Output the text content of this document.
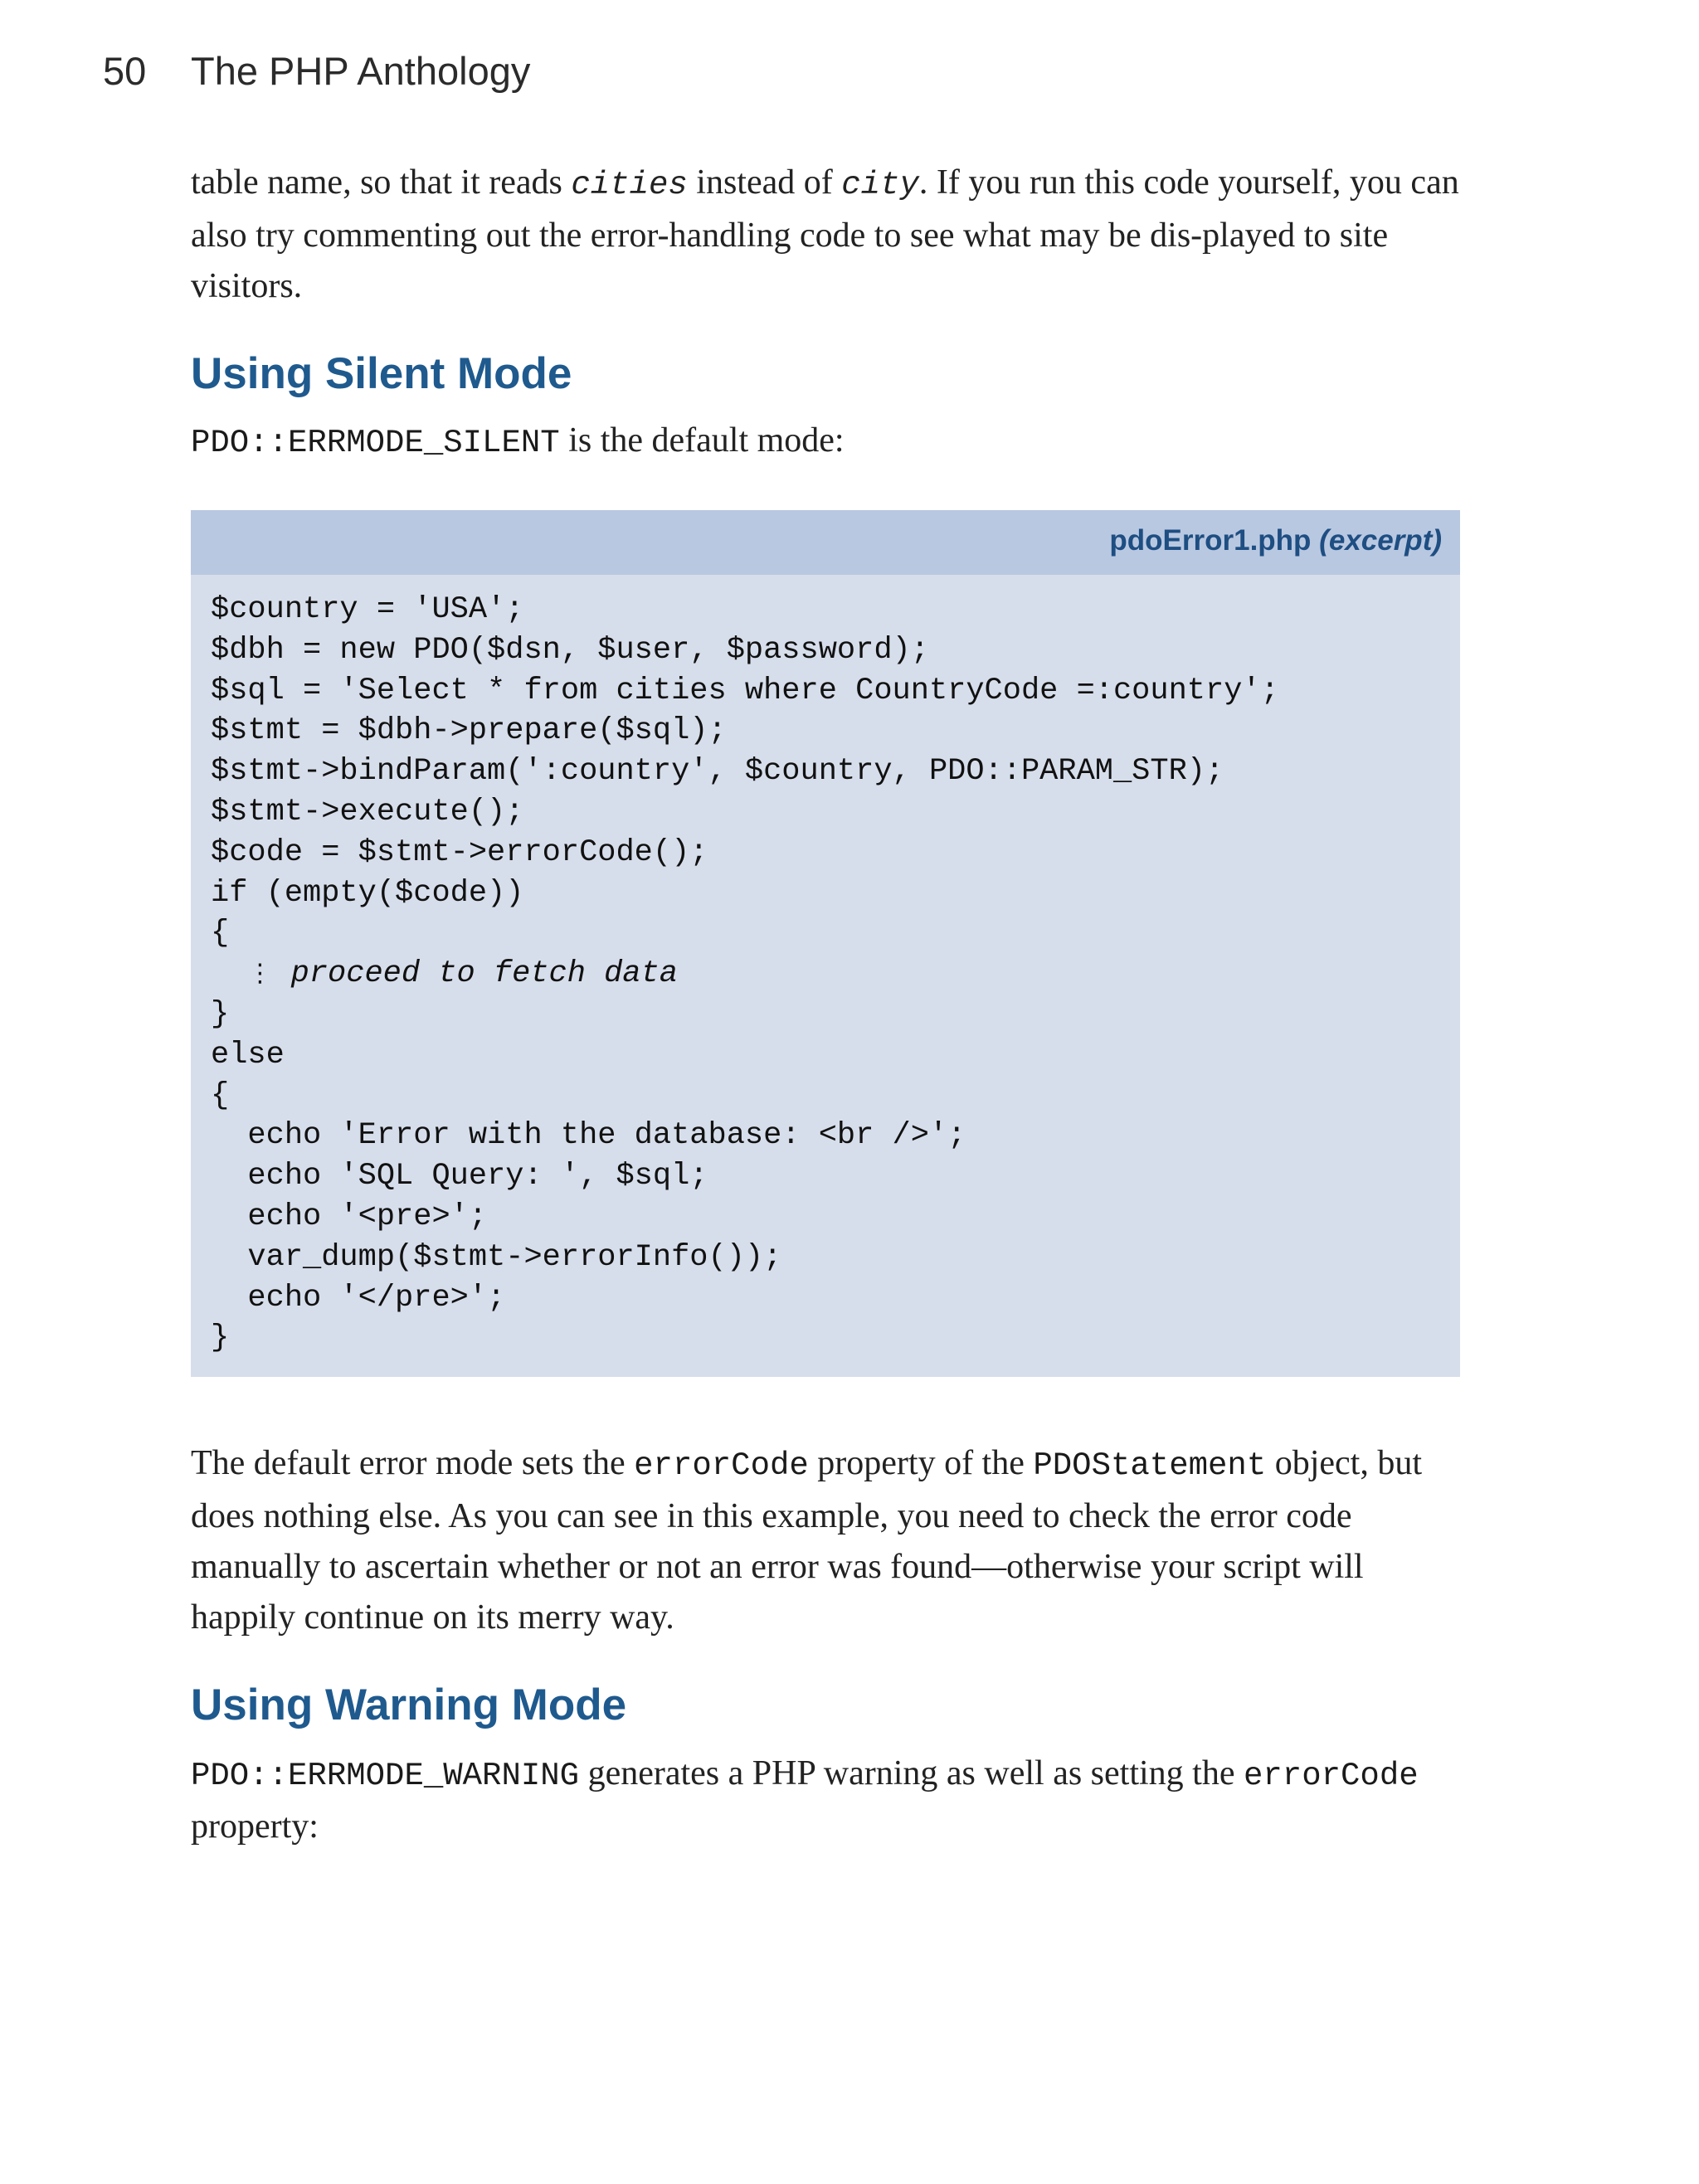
50 The PHP Anthology

table name, so that it reads cities instead of city. If you run this code yourself, you can also try commenting out the error-handling code to see what may be dis-played to site visitors.

Using Silent Mode

PDO::ERRMODE_SILENT is the default mode:

pdoError1.php (excerpt)
$country = 'USA';
$dbh = new PDO($dsn, $user, $password);
$sql = 'Select * from cities where CountryCode =:country';
$stmt = $dbh->prepare($sql);
$stmt->bindParam(':country', $country, PDO::PARAM_STR);
$stmt->execute();
$code = $stmt->errorCode();
if (empty($code))
{
⋮ proceed to fetch data
}
else
{
echo 'Error with the database: <br />';
echo 'SQL Query: ', $sql;
echo '<pre>';
var_dump($stmt->errorInfo());
echo '</pre>';
}

The default error mode sets the errorCode property of the PDOStatement object, but does nothing else. As you can see in this example, you need to check the error code manually to ascertain whether or not an error was found—otherwise your script will happily continue on its merry way.

Using Warning Mode

PDO::ERRMODE_WARNING generates a PHP warning as well as setting the errorCode property:
